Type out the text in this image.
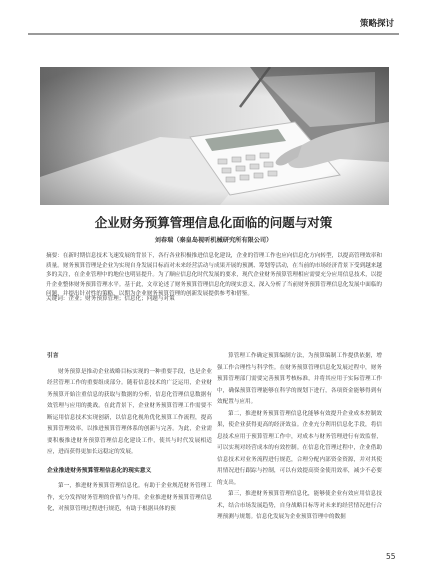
策略探讨
企业财务预算管理信息化面临的问题与对策
刘春瑞（秦皇岛视听机械研究所有限公司）
摘要：在新时期信息技术飞速发展的背景下，各行各业积极推进信息化建设，企业的管理工作也应向信息化方向转型，以提高管理效率和质量。财务预算管理是企业为实现自身发展目标而对未来经营活动与成果开展的预测、筹划等活动，在当前的市场经济背景下受到越来越多的关注，在企业管理中的地位也明显提升。为了顺应信息化时代发展的要求，现代企业财务预算管理相应需要充分应用信息技术，以提升企业整体财务预算管理水平。基于此，文章论述了财务预算管理信息化的现实意义，深入分析了当前财务预算管理信息化发展中面临的问题，并提出针对性的策略，以期为企业财务预算管理的创新发展提供参考和借鉴。
关键词：企业；财务预算管理；信息化；问题与对策
引言

财务预算是推动企业战略目标实现的一种重要手段，也是企业经营管理工作的重要组成部分。随着信息技术的广泛运用，企业财务预算开始注重信息的获取与数据的分析，信息化管理信息数据有效管理与应用的挑战。在此背景下，企业财务预算管理工作需要不断运用信息技术实现创新，以信息化视角优化预算工作流程，提高预算管理效率，以推进预算管理体系的创新与完善。为此，企业需要积极推进财务预算管理信息化建设工作，使其与时代发展相适应，进而获得更加长远稳定的发展。

企业推进财务预算管理信息化的现实意义

第一，推进财务预算管理信息化。有助于企业规范财务管理工作，充分发挥财务管理的价值与作用。企业推进财务预算管理信息化，对预算管理过程进行规范，有助于根据具体的预

算管理工作确定预算编制方法，为预算编制工作提供依据，增强工作合理性与科学性。在财务预算管理信息化发展过程中，财务预算管理部门需要完善预算考核标准，并将其应用于实际管理工作中，确保预算管理能够在科学的规划下进行，各项资金能够得到有效配置与应用。

第二，推进财务预算管理信息化能够有效提升企业成本控制效果，使企业获得更高的经济效益。企业充分利用信息化手段，将信息技术应用于预算管理工作中，对成本与财务管理进行有效监督，可以实现对经营成本的有效控制。在信息化管理过程中，企业借助信息技术对业务流程进行规范，合理分配内部资金资源，并对其使用情况进行跟踪与控制，可以有效提高资金使用效率，减少不必要的支出。

第三，推进财务预算管理信息化，能够使企业有效应用信息技术，结合市场发展趋势，自身战略目标等对未来的经营情况进行合理预测与规划。信息化发展为企业预算管理中的数据

55
